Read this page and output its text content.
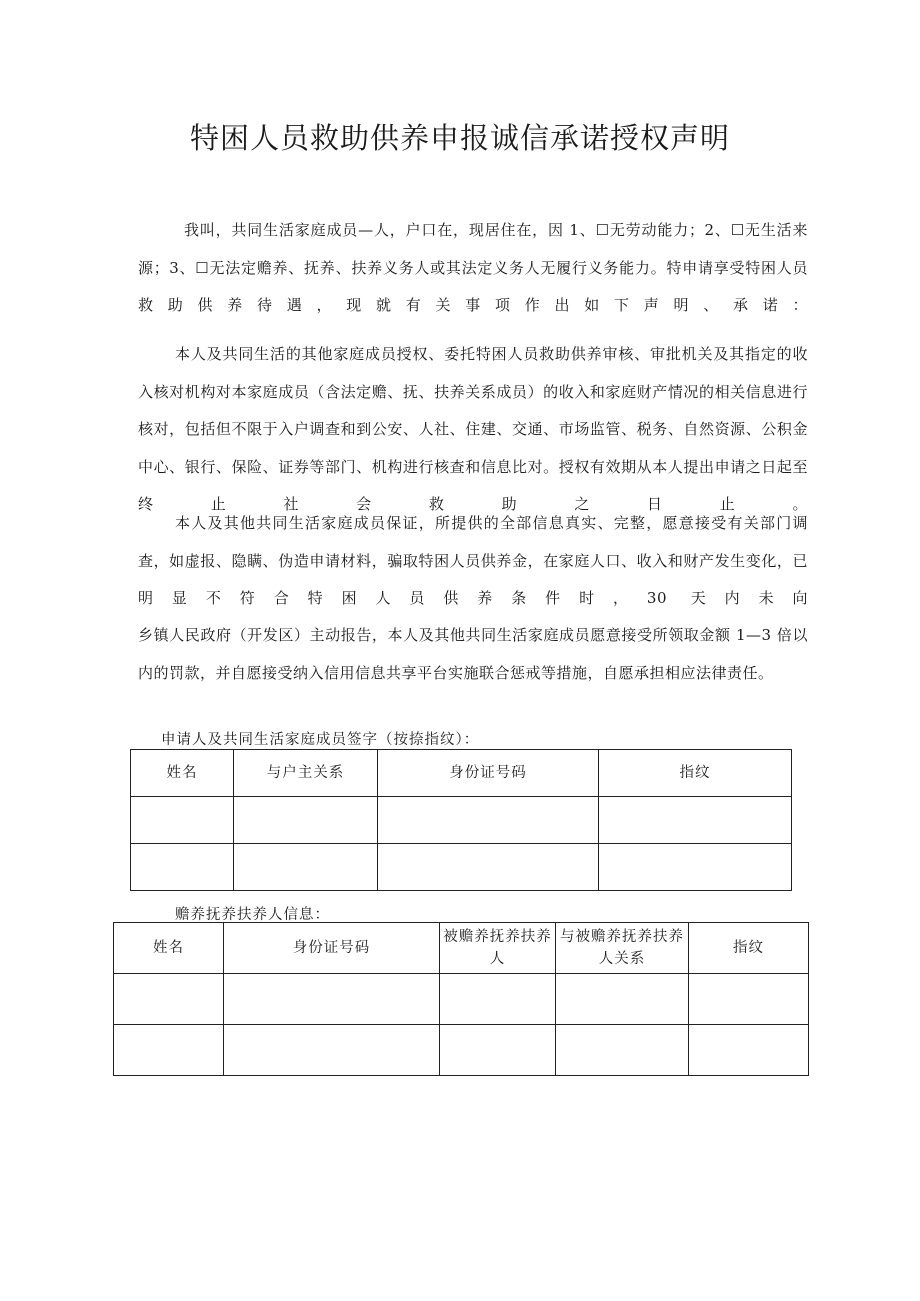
特困人员救助供养申报诚信承诺授权声明

我叫，共同生活家庭成员—人，户口在，现居住在，因 1、☐无劳动能力；2、☐无生活来源；3、☐无法定赡养、抚养、扶养义务人或其法定义务人无履行义务能力。特申请享受特困人员救助供养待遇，现就有关事项作出如下声明、承诺：

本人及共同生活的其他家庭成员授权、委托特困人员救助供养审核、审批机关及其指定的收入核对机构对本家庭成员（含法定赡、抚、扶养关系成员）的收入和家庭财产情况的相关信息进行核对，包括但不限于入户调查和到公安、人社、住建、交通、市场监管、税务、自然资源、公积金中心、银行、保险、证券等部门、机构进行核查和信息比对。授权有效期从本人提出申请之日起至终止社会救助之日止。

本人及其他共同生活家庭成员保证，所提供的全部信息真实、完整，愿意接受有关部门调查，如虚报、隐瞒、伪造申请材料，骗取特困人员供养金，在家庭人口、收入和财产发生变化，已明显不符合特困人员供养条件时，30 天内未向

乡镇人民政府（开发区）主动报告，本人及其他共同生活家庭成员愿意接受所领取金额 1—3 倍以内的罚款，并自愿接受纳入信用信息共享平台实施联合惩戒等措施，自愿承担相应法律责任。

申请人及共同生活家庭成员签字（按捺指纹）：
姓名	与户主关系	身份证号码	指纹

赡养抚养扶养人信息：
姓名	身份证号码	被赡养抚养扶养人	与被赡养抚养扶养人关系	指纹
